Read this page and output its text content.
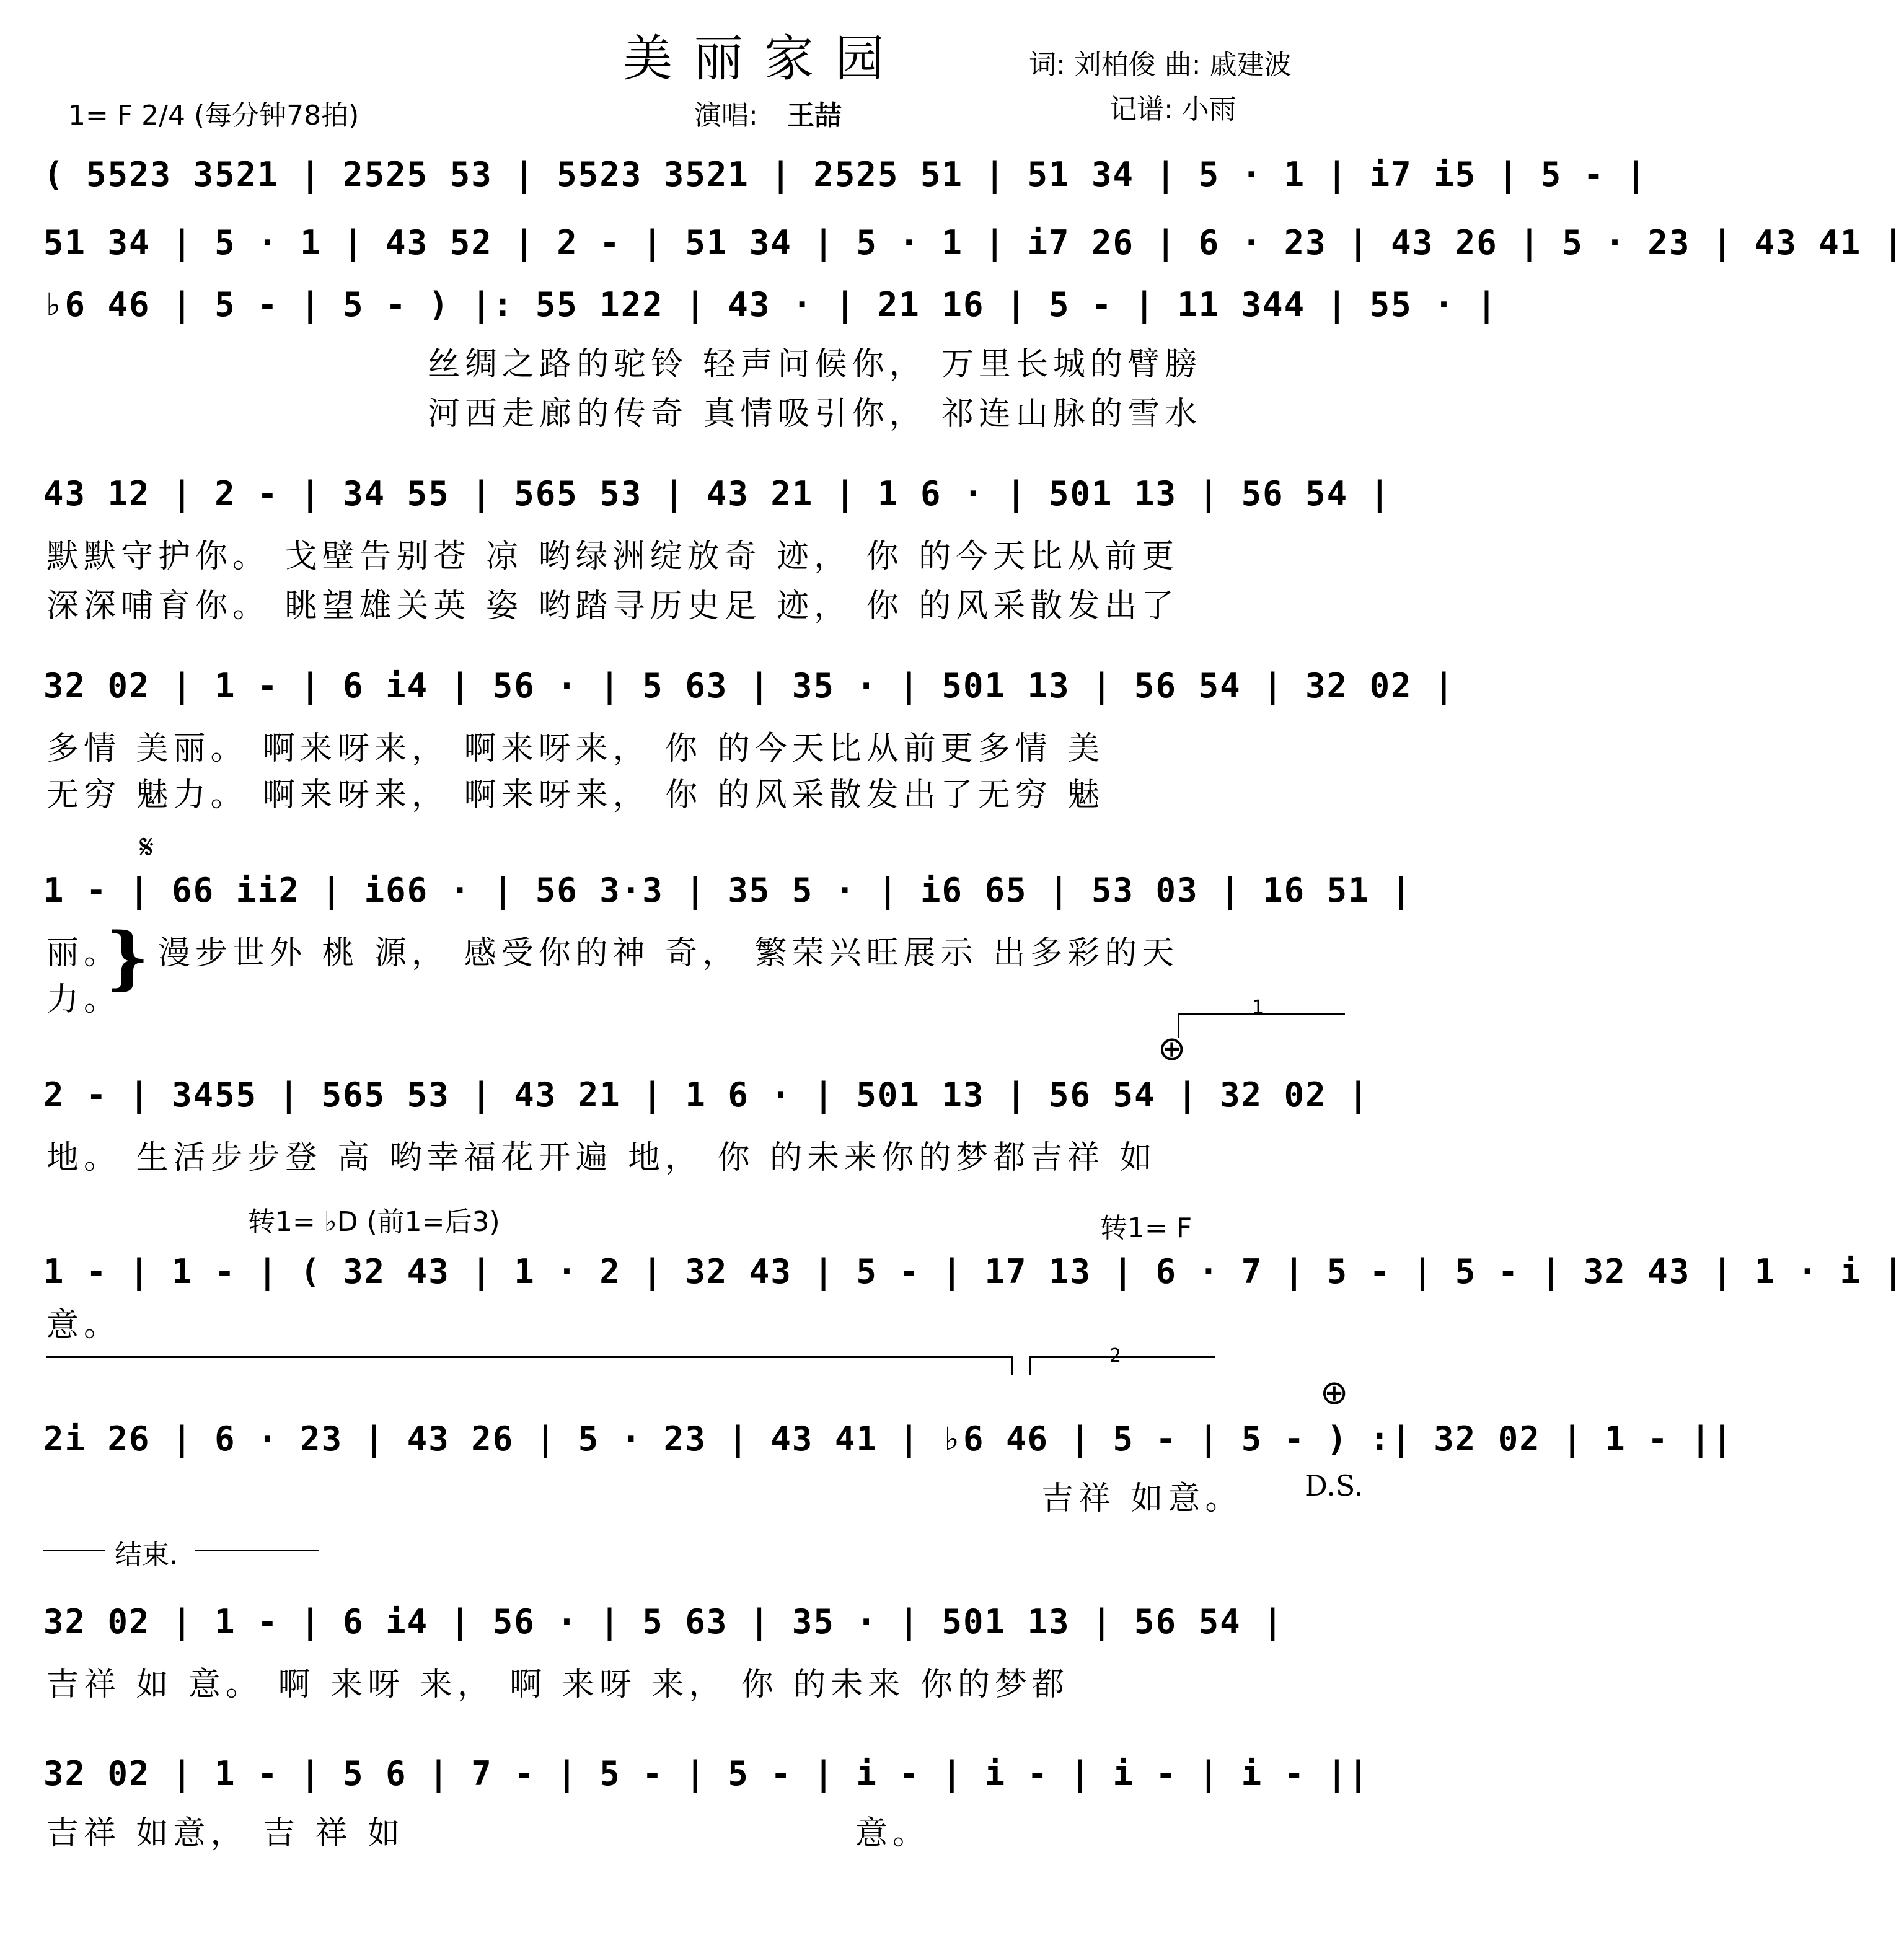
美丽家园	词: 刘柏俊 曲: 戚建波
1= F 2/4 (每分钟78拍)	演唱: 王喆	记谱: 小雨
( 5523 3521 | 2525 53 | 5523 3521 | 2525 51 | 51 34 | 5 · 1 | i7 i5 | 5 - |
51 34 | 5 · 1 | 43 52 | 2 - | 51 34 | 5 · 1 | i7 26 | 6 · 23 | 43 26 | 5 · 23 | 43 41 |
♭6 46 | 5 - | 5 - ) |: 55 122 | 43 · | 21 16 | 5 - | 11 344 | 55 · |
丝绸之路的驼铃 轻声问候你， 万里长城的臂膀
河西走廊的传奇 真情吸引你， 祁连山脉的雪水
43 12 | 2 - | 34 55 | 565 53 | 43 21 | 1 6 · | 501 13 | 56 54 |
默默守护你。 戈壁告别苍 凉 哟绿洲绽放奇 迹， 你 的今天比从前更
深深哺育你。 眺望雄关英 姿 哟踏寻历史足 迹， 你 的风采散发出了
32 02 | 1 - | 6 i4 | 56 · | 5 63 | 35 · | 501 13 | 56 54 | 32 02 |
多情 美丽。 啊来呀来， 啊来呀来， 你 的今天比从前更多情 美
无穷 魅力。 啊来呀来， 啊来呀来， 你 的风采散发出了无穷 魅
𝄋
1 - | 66 ii2 | i66 · | 56 3·3 | 35 5 · | i6 65 | 53 03 | 16 51 |
丽。
力。
} 漫步世外 桃 源， 感受你的神 奇， 繁荣兴旺展示 出多彩的天
1
⊕
2 - | 3455 | 565 53 | 43 21 | 1 6 · | 501 13 | 56 54 | 32 02 |
地。 生活步步登 高 哟幸福花开遍 地， 你 的未来你的梦都吉祥 如
转1= ♭D (前1=后3)	转1= F
1 - | 1 - | ( 32 43 | 1 · 2 | 32 43 | 5 - | 17 13 | 6 · 7 | 5 - | 5 - | 32 43 | 1 · i |
意。
2
⊕
2i 26 | 6 · 23 | 43 26 | 5 · 23 | 43 41 | ♭6 46 | 5 - | 5 - ) :| 32 02 | 1 - ||
吉祥 如意。 D.S.
结束.
32 02 | 1 - | 6 i4 | 56 · | 5 63 | 35 · | 501 13 | 56 54 |
吉祥 如 意。 啊 来呀 来， 啊 来呀 来， 你 的未来 你的梦都
32 02 | 1 - | 5 6 | 7 - | 5 - | 5 - | i - | i - | i - | i - ||
吉祥 如意， 吉 祥 如	意。
